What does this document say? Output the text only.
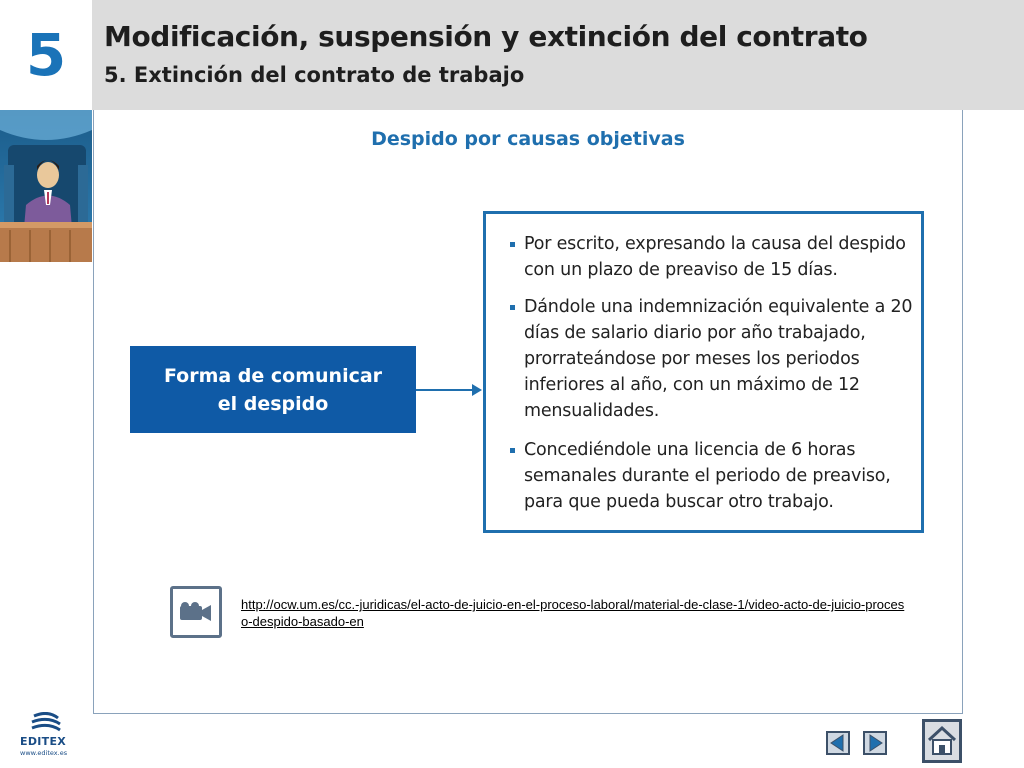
5	Modificación, suspensión y extinción del contrato
5. Extinción del contrato de trabajo
Despido por causas objetivas
Forma de comunicar
el despido
Por escrito, expresando la causa del despido con un plazo de preaviso de 15 días.
Dándole una indemnización equivalente a 20 días de salario diario por año trabajado, prorrateándose por meses los periodos inferiores al año, con un máximo de 12 mensualidades.
Concediéndole una licencia de 6 horas semanales durante el periodo de preaviso, para que pueda buscar otro trabajo.
http://ocw.um.es/cc.-juridicas/el-acto-de-juicio-en-el-proceso-laboral/material-de-clase-1/video-acto-de-juicio-proceso-despido-basado-en
EDITEX
www.editex.es
